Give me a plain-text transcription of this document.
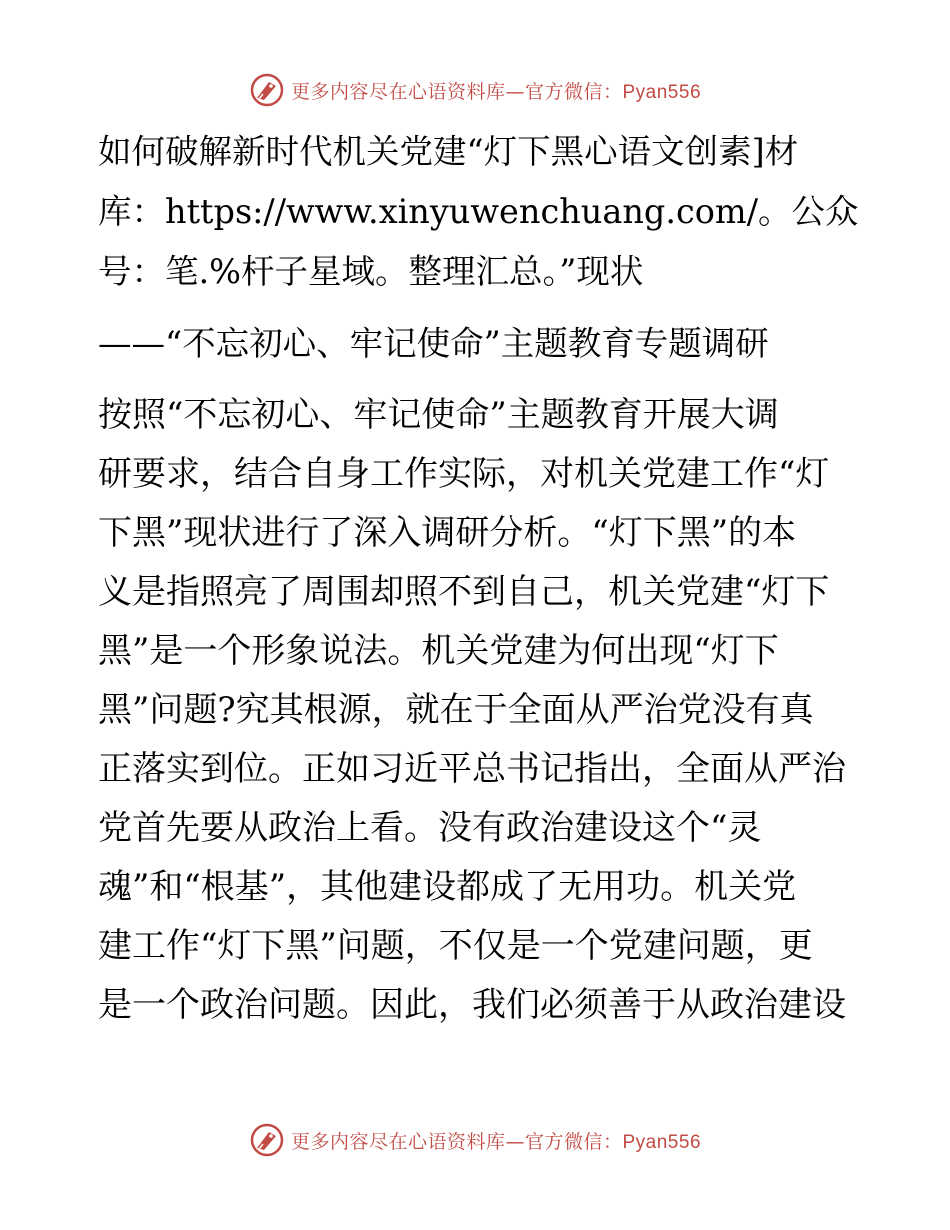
更多内容尽在心语资料库—官方微信：Pyan556
如何破解新时代机关党建“灯下黑心语文创素]材
库：https://www.xinyuwenchuang.com/。公众
号：笔.%杆子星域。整理汇总。”现状
——“不忘初心、牢记使命”主题教育专题调研
按照“不忘初心、牢记使命”主题教育开展大调
研要求，结合自身工作实际，对机关党建工作“灯
下黑”现状进行了深入调研分析。“灯下黑”的本
义是指照亮了周围却照不到自己，机关党建“灯下
黑”是一个形象说法。机关党建为何出现“灯下
黑”问题?究其根源，就在于全面从严治党没有真
正落实到位。正如习近平总书记指出，全面从严治
党首先要从政治上看。没有政治建设这个“灵
魂”和“根基”，其他建设都成了无用功。机关党
建工作“灯下黑”问题，不仅是一个党建问题，更
是一个政治问题。因此，我们必须善于从政治建设
更多内容尽在心语资料库—官方微信：Pyan556
